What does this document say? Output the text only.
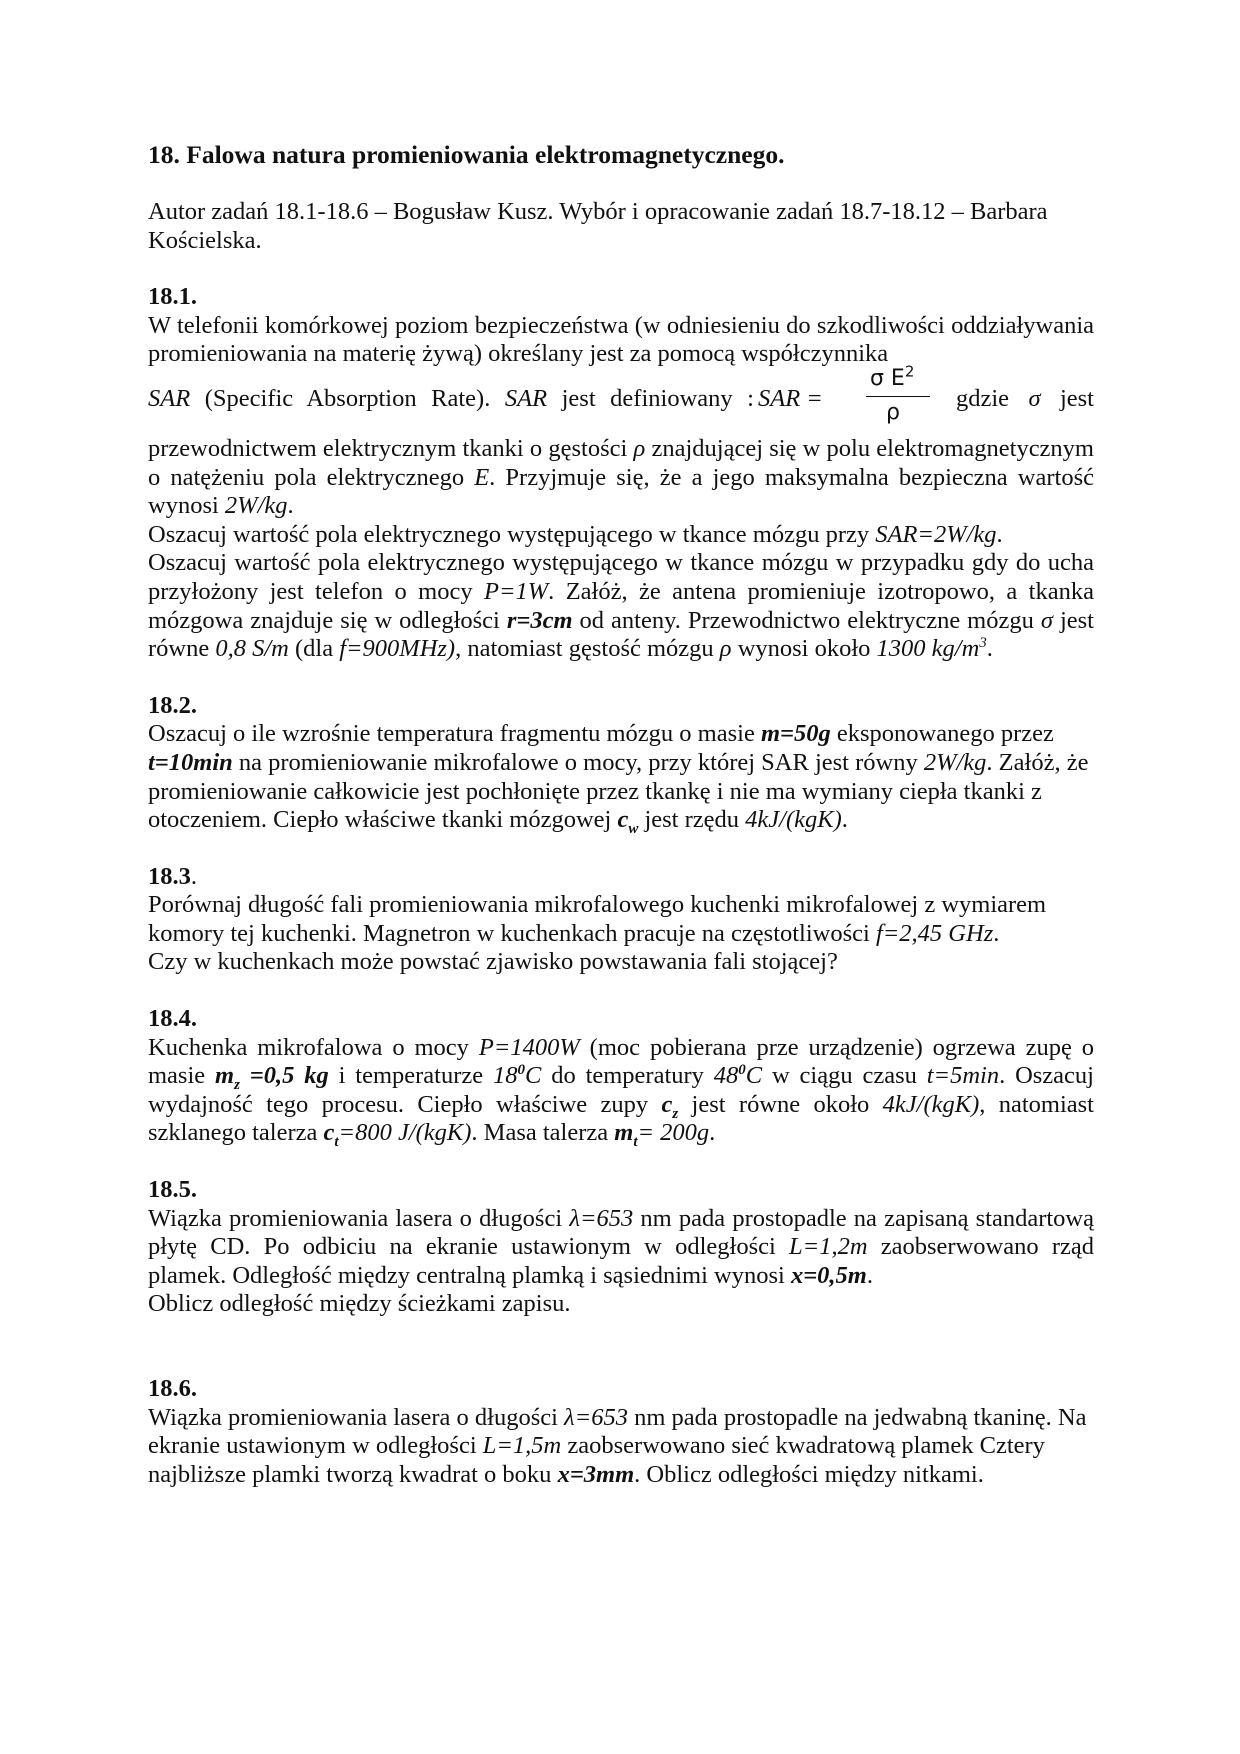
18. Falowa natura promieniowania elektromagnetycznego.

Autor zadań 18.1-18.6 – Bogusław Kusz. Wybór i opracowanie zadań 18.7-18.12 – Barbara Kościelska.

18.1.

W telefonii komórkowej poziom bezpieczeństwa (w odniesieniu do szkodliwości oddziaływania promieniowania na materię żywą) określany jest za pomocą współczynnika

SAR (Specific Absorption Rate). SAR jest definiowany : SAR =
σ $E^2$
ρ
gdzie σ jest

przewodnictwem elektrycznym tkanki o gęstości ρ znajdującej się w polu elektromagnetycznym o natężeniu pola elektrycznego E. Przyjmuje się, że a jego maksymalna bezpieczna wartość wynosi 2W/kg.

Oszacuj wartość pola elektrycznego występującego w tkance mózgu przy SAR=2W/kg.

Oszacuj wartość pola elektrycznego występującego w tkance mózgu w przypadku gdy do ucha przyłożony jest telefon o mocy P=1W. Załóż, że antena promieniuje izotropowo, a tkanka mózgowa znajduje się w odległości r=3cm od anteny. Przewodnictwo elektryczne mózgu σ jest równe 0,8 S/m (dla f=900MHz), natomiast gęstość mózgu ρ wynosi około 1300 $kg/m^3$.

18.2.

Oszacuj o ile wzrośnie temperatura fragmentu mózgu o masie m=50g eksponowanego przez t=10min na promieniowanie mikrofalowe o mocy, przy której SAR jest równy 2W/kg. Załóż, że promieniowanie całkowicie jest pochłonięte przez tkankę i nie ma wymiany ciepła tkanki z otoczeniem. Ciepło właściwe tkanki mózgowej $c_w$ jest rzędu 4kJ/(kgK).

18.3.

Porównaj długość fali promieniowania mikrofalowego kuchenki mikrofalowej z wymiarem komory tej kuchenki. Magnetron w kuchenkach pracuje na częstotliwości f=2,45 GHz.

Czy w kuchenkach może powstać zjawisko powstawania fali stojącej?

18.4.

Kuchenka mikrofalowa o mocy P=1400W (moc pobierana prze urządzenie) ogrzewa zupę o masie $m_z =0,5$ kg i temperaturze $18^0C$ do temperatury $48^0C$ w ciągu czasu t=5min. Oszacuj wydajność tego procesu. Ciepło właściwe zupy $c_z$ jest równe około 4kJ/(kgK), natomiast szklanego talerza $c_t=800$ J/(kgK). Masa talerza $m_t= 200g$.

18.5.

Wiązka promieniowania lasera o długości λ=653 nm pada prostopadle na zapisaną standartową płytę CD. Po odbiciu na ekranie ustawionym w odległości L=1,2m zaobserwowano rząd plamek. Odległość między centralną plamką i sąsiednimi wynosi x=0,5m.

Oblicz odległość między ścieżkami zapisu.

18.6.

Wiązka promieniowania lasera o długości λ=653 nm pada prostopadle na jedwabną tkaninę. Na ekranie ustawionym w odległości L=1,5m zaobserwowano sieć kwadratową plamek Cztery najbliższe plamki tworzą kwadrat o boku x=3mm. Oblicz odległości między nitkami.
